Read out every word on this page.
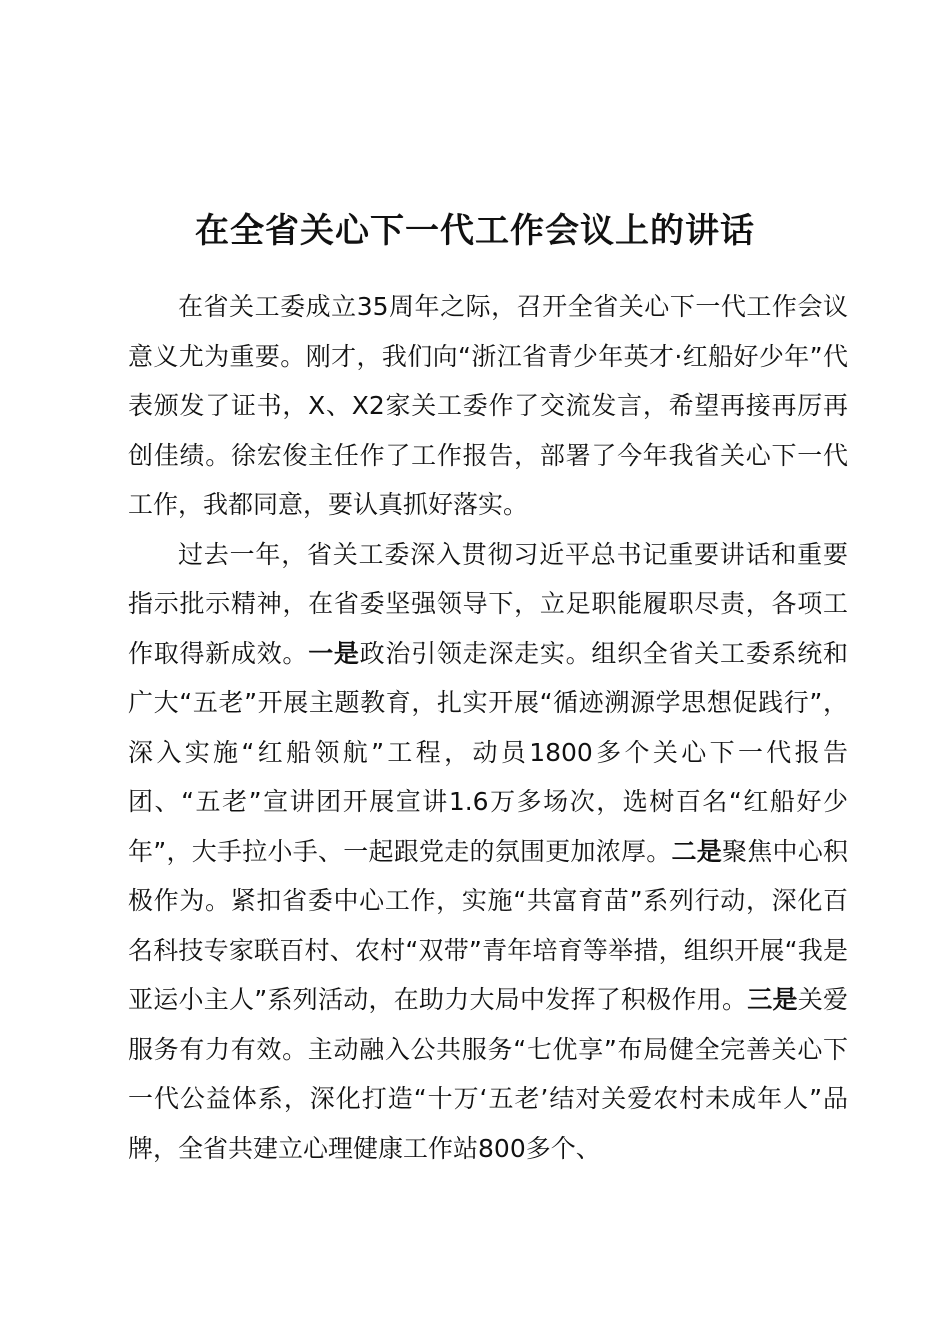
在全省关心下一代工作会议上的讲话

在省关工委成立35周年之际，召开全省关心下一代工作会议意义尤为重要。刚才，我们向“浙江省青少年英才·红船好少年”代表颁发了证书，X、X2家关工委作了交流发言，希望再接再厉再创佳绩。徐宏俊主任作了工作报告，部署了今年我省关心下一代工作，我都同意，要认真抓好落实。

过去一年，省关工委深入贯彻习近平总书记重要讲话和重要指示批示精神，在省委坚强领导下，立足职能履职尽责，各项工作取得新成效。一是政治引领走深走实。组织全省关工委系统和广大“五老”开展主题教育，扎实开展“循迹溯源学思想促践行”，深入实施“红船领航”工程，动员1800多个关心下一代报告团、“五老”宣讲团开展宣讲1.6万多场次，选树百名“红船好少年”，大手拉小手、一起跟党走的氛围更加浓厚。二是聚焦中心积极作为。紧扣省委中心工作，实施“共富育苗”系列行动，深化百名科技专家联百村、农村“双带”青年培育等举措，组织开展“我是亚运小主人”系列活动，在助力大局中发挥了积极作用。三是关爱服务有力有效。主动融入公共服务“七优享”布局健全完善关心下一代公益体系，深化打造“十万‘五老’结对关爱农村未成年人”品牌，全省共建立心理健康工作站800多个、
